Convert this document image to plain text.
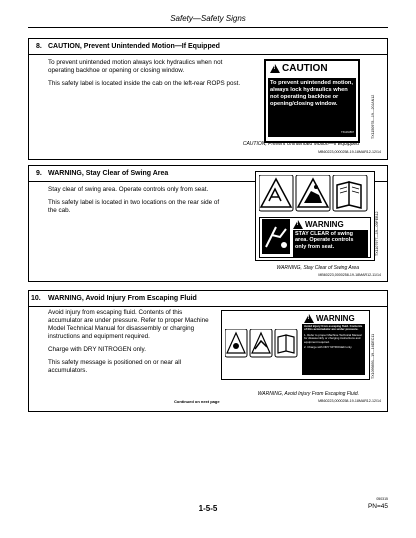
Safety—Safety Signs
8. CAUTION, Prevent Unintended Motion—If Equipped

To prevent unintended motion always lock hydraulics when not operating backhoe or opening or closing window.

This safety label is located inside the cab on the left-rear ROPS post.

!
CAUTION
To prevent unintended motion, always lock hydraulics when not operating backhoe or opening/closing window.
TX1234567	TX1150978—19—20JAN12
CAUTION, Prevent Unintended Motion—If Equipped
MB60223,0000258-19-18MAR12-12/14
9. WARNING, Stay Clear of Swing Area

Stay clear of swing area. Operate controls only from seat.

This safety label is located in two locations on the rear side of the cab.

!
WARNING
STAY CLEAR of swing area. Operate controls only from seat.	TX1107977—19—09FEB12
WARNING, Stay Clear of Swing Area
MB60223,0000258-19-18MAR12-11/14
10. WARNING, Avoid Injury From Escaping Fluid

Avoid injury from escaping fluid. Contents of this accumulator are under pressure. Refer to proper Machine Model Technical Manual for disassembly or charging instructions and equipment required.

Charge with DRY NITROGEN only.

This safety message is positioned on or near all accumulators.

!
WARNING
Avoid injury from escaping fluid. Contents of this accumulator are under pressure.
1. Refer to proper Machine Technical Manual for disassembly or charging instructions and equipment required.
2. Charge with DRY NITROGEN only.	TX1099893—19—16DEC11
Continued on next page
WARNING, Avoid Injury From Escaping Fluid.
MB60223,0000258-19-18MAR12-12/14
1-5-5
050315
PN=45
